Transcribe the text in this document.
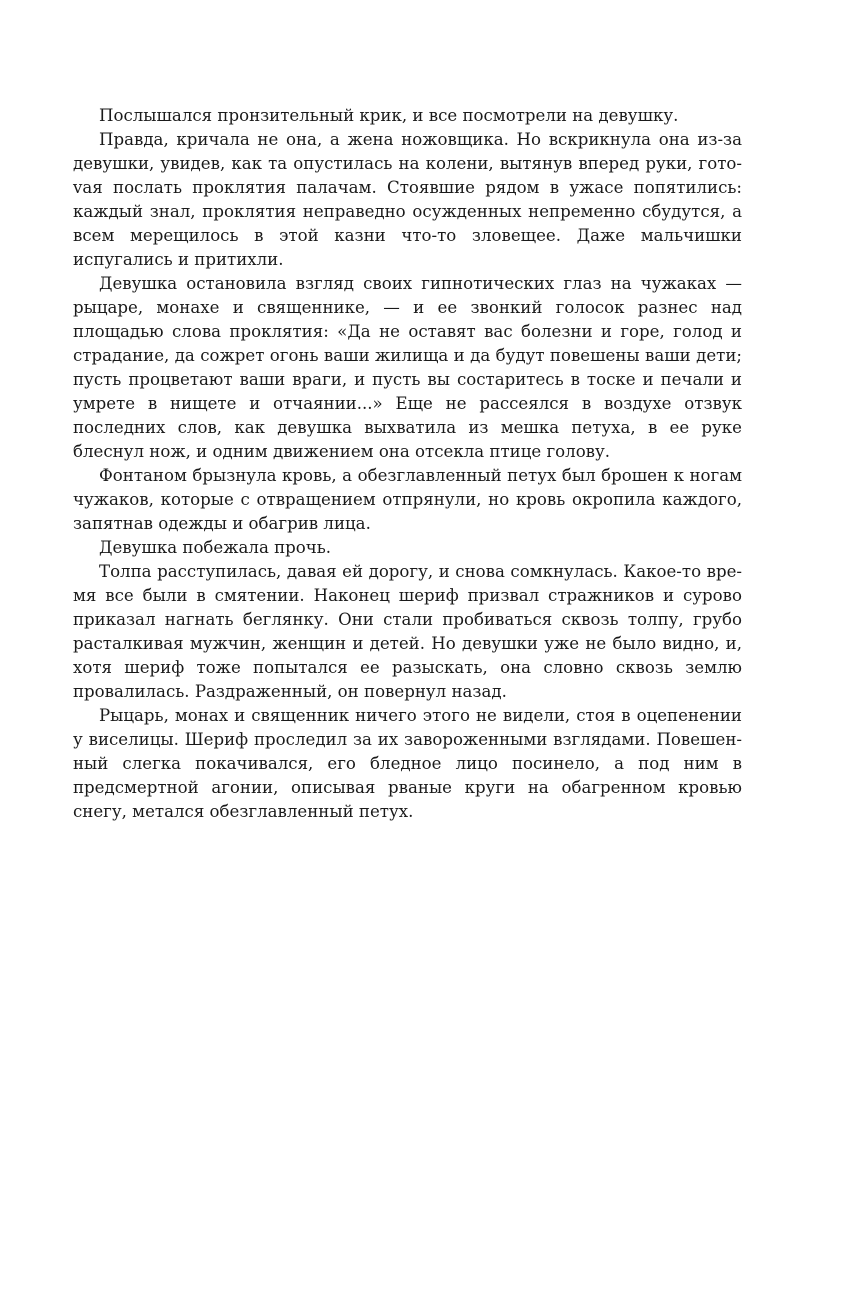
Послышался пронзительный крик, и все посмотрели на девушку.

Правда, кричала не она, а жена ножовщика. Но вскрикнула она из-за девушки, увидев, как та опустилась на колени, вытянув вперед руки, готоvая послать проклятия палачам. Стоявшие рядом в ужасе попятились: каждый знал, проклятия неправедно осужденных непременно сбудутся, а всем мерещилось в этой казни что-то зловещее. Даже мальчишки испугались и притихли.

Девушка остановила взгляд своих гипнотических глаз на чужаках — рыцаре, монахе и священнике, — и ее звонкий голосок разнес над площадью слова проклятия: «Да не оставят вас болезни и горе, голод и страдание, да сожрет огонь ваши жилища и да будут повешены ваши дети; пусть процветают ваши враги, и пусть вы состаритесь в тоске и печали и умрете в нищете и отчаянии...» Еще не рассеялся в воздухе отзвук последних слов, как девушка выхватила из мешка петуха, в ее руке блеснул нож, и одним движением она отсекла птице голову.

Фонтаном брызнула кровь, а обезглавленный петух был брошен к ногам чужаков, которые с отвращением отпрянули, но кровь окропила каждого, запятнав одежды и обагрив лица.

Девушка побежала прочь.

Толпа расступилась, давая ей дорогу, и снова сомкнулась. Какое-то время все были в смятении. Наконец шериф призвал стражников и сурово приказал нагнать беглянку. Они стали пробиваться сквозь толпу, грубо расталкивая мужчин, женщин и детей. Но девушки уже не было видно, и, хотя шериф тоже попытался ее разыскать, она словно сквозь землю провалилась. Раздраженный, он повернул назад.

Рыцарь, монах и священник ничего этого не видели, стоя в оцепенении у виселицы. Шериф проследил за их завороженными взглядами. Повешенный слегка покачивался, его бледное лицо посинело, а под ним в предсмертной агонии, описывая рваные круги на обагренном кровью снегу, метался обезглавленный петух.
